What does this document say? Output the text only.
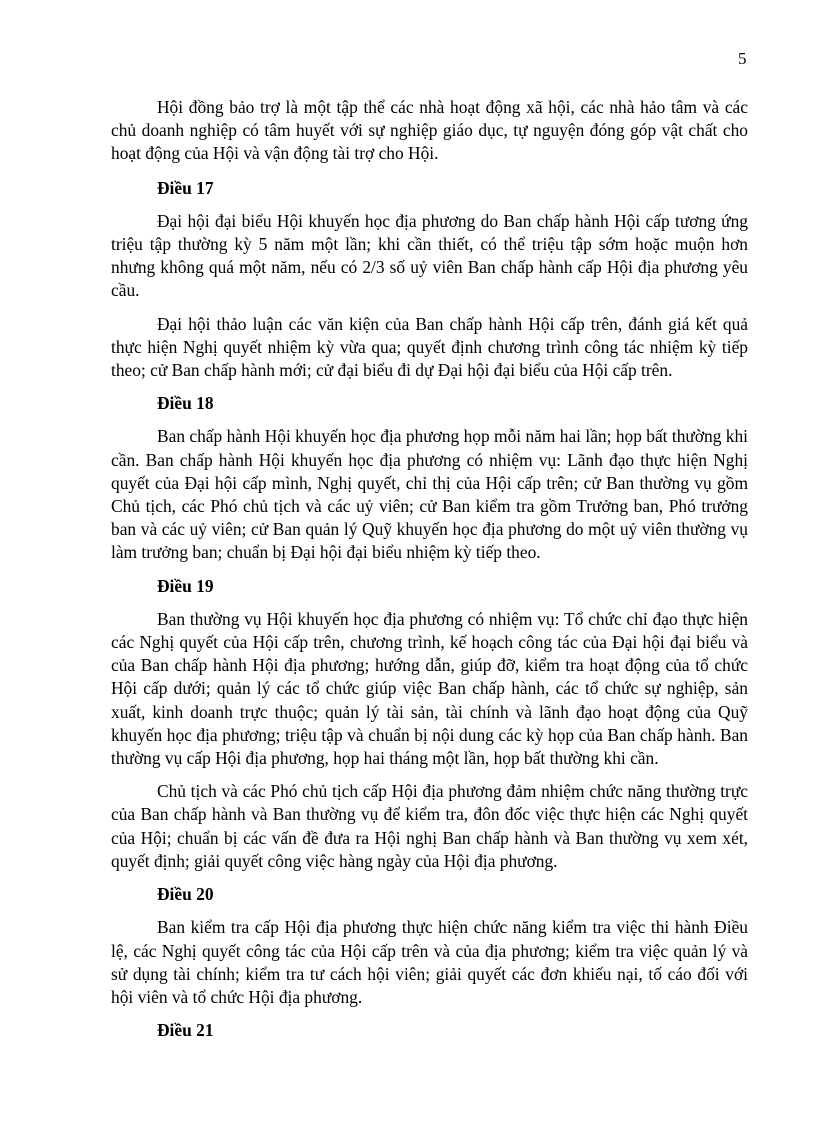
5

Hội đồng bảo trợ là một tập thể các nhà hoạt động xã hội, các nhà hảo tâm và các chủ doanh nghiệp có tâm huyết với sự nghiệp giáo dục, tự nguyện đóng góp vật chất cho hoạt động của Hội và vận động tài trợ cho Hội.

Điều 17

Đại hội đại biểu Hội khuyến học địa phương do Ban chấp hành Hội cấp tương ứng triệu tập thường kỳ 5 năm một lần; khi cần thiết, có thể triệu tập sớm hoặc muộn hơn nhưng không quá một năm, nếu có 2/3 số uỷ viên Ban chấp hành cấp Hội địa phương yêu cầu.

Đại hội thảo luận các văn kiện của Ban chấp hành Hội cấp trên, đánh giá kết quả thực hiện Nghị quyết nhiệm kỳ vừa qua; quyết định chương trình công tác nhiệm kỳ tiếp theo; cử Ban chấp hành mới; cử đại biểu đi dự Đại hội đại biểu của Hội cấp trên.

Điều 18

Ban chấp hành Hội khuyến học địa phương họp mỗi năm hai lần; họp bất thường khi cần. Ban chấp hành Hội khuyến học địa phương có nhiệm vụ: Lãnh đạo thực hiện Nghị quyết của Đại hội cấp mình, Nghị quyết, chỉ thị của Hội cấp trên; cử Ban thường vụ gồm Chủ tịch, các Phó chủ tịch và các uỷ viên; cử Ban kiểm tra gồm Trưởng ban, Phó trưởng ban và các uỷ viên; cử Ban quản lý Quỹ khuyến học địa phương do một uỷ viên thường vụ làm trưởng ban; chuẩn bị Đại hội đại biểu nhiệm kỳ tiếp theo.

Điều 19

Ban thường vụ Hội khuyến học địa phương có nhiệm vụ: Tổ chức chỉ đạo thực hiện các Nghị quyết của Hội cấp trên, chương trình, kế hoạch công tác của Đại hội đại biểu và của Ban chấp hành Hội địa phương; hướng dẫn, giúp đỡ, kiểm tra hoạt động của tổ chức Hội cấp dưới; quản lý các tổ chức giúp việc Ban chấp hành, các tổ chức sự nghiệp, sản xuất, kinh doanh trực thuộc; quản lý tài sản, tài chính và lãnh đạo hoạt động của Quỹ khuyến học địa phương; triệu tập và chuẩn bị nội dung các kỳ họp của Ban chấp hành. Ban thường vụ cấp Hội địa phương, họp hai tháng một lần, họp bất thường khi cần.

Chủ tịch và các Phó chủ tịch cấp Hội địa phương đảm nhiệm chức năng thường trực của Ban chấp hành và Ban thường vụ để kiểm tra, đôn đốc việc thực hiện các Nghị quyết của Hội; chuẩn bị các vấn đề đưa ra Hội nghị Ban chấp hành và Ban thường vụ xem xét, quyết định; giải quyết công việc hàng ngày của Hội địa phương.

Điều 20

Ban kiểm tra cấp Hội địa phương thực hiện chức năng kiểm tra việc thi hành Điều lệ, các Nghị quyết công tác của Hội cấp trên và của địa phương; kiểm tra việc quản lý và sử dụng tài chính; kiểm tra tư cách hội viên; giải quyết các đơn khiếu nại, tố cáo đối với hội viên và tổ chức Hội địa phương.

Điều 21
